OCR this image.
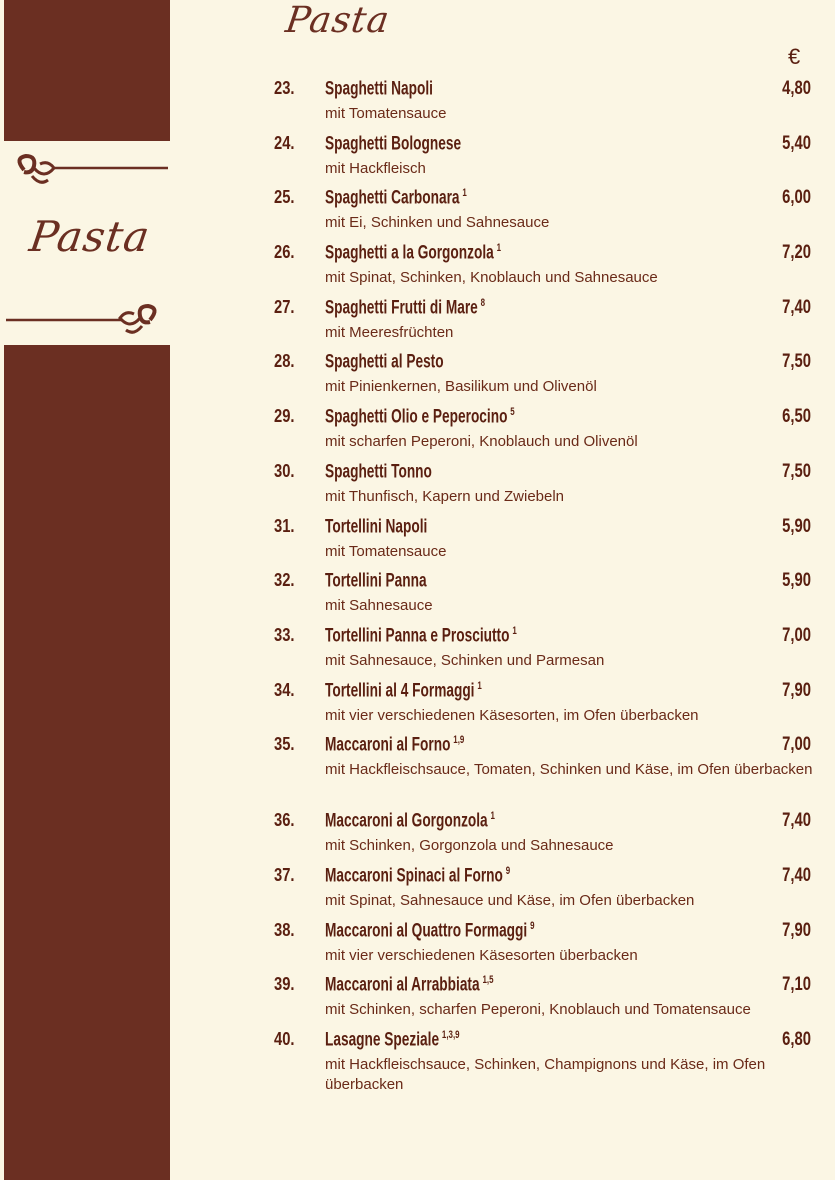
Pasta
Pasta
€
23. Spaghetti Napoli
mit Tomatensauce
4,80
24. Spaghetti Bolognese
mit Hackfleisch
5,40
25. Spaghetti Carbonara $^1$
mit Ei, Schinken und Sahnesauce
6,00
26. Spaghetti a la Gorgonzola $^1$
mit Spinat, Schinken, Knoblauch und Sahnesauce
7,20
27. Spaghetti Frutti di Mare $^8$
mit Meeresfrüchten
7,40
28. Spaghetti al Pesto
mit Pinienkernen, Basilikum und Olivenöl
7,50
29. Spaghetti Olio e Peperocino $^5$
mit scharfen Peperoni, Knoblauch und Olivenöl
6,50
30. Spaghetti Tonno
mit Thunfisch, Kapern und Zwiebeln
7,50
31. Tortellini Napoli
mit Tomatensauce
5,90
32. Tortellini Panna
mit Sahnesauce
5,90
33. Tortellini Panna e Prosciutto $^1$
mit Sahnesauce, Schinken und Parmesan
7,00
34. Tortellini al 4 Formaggi $^1$
mit vier verschiedenen Käsesorten, im Ofen überbacken
7,90
35. Maccaroni al Forno $^{1,9}$
mit Hackfleischsauce, Tomaten, Schinken und Käse, im Ofen überbacken
7,00
36. Maccaroni al Gorgonzola $^1$
mit Schinken, Gorgonzola und Sahnesauce
7,40
37. Maccaroni Spinaci al Forno $^9$
mit Spinat, Sahnesauce und Käse, im Ofen überbacken
7,40
38. Maccaroni al Quattro Formaggi $^9$
mit vier verschiedenen Käsesorten überbacken
7,90
39. Maccaroni al Arrabbiata $^{1,5}$
mit Schinken, scharfen Peperoni, Knoblauch und Tomatensauce
7,10
40. Lasagne Speziale $^{1,3,9}$
mit Hackfleischsauce, Schinken, Champignons und Käse, im Ofen überbacken
6,80
